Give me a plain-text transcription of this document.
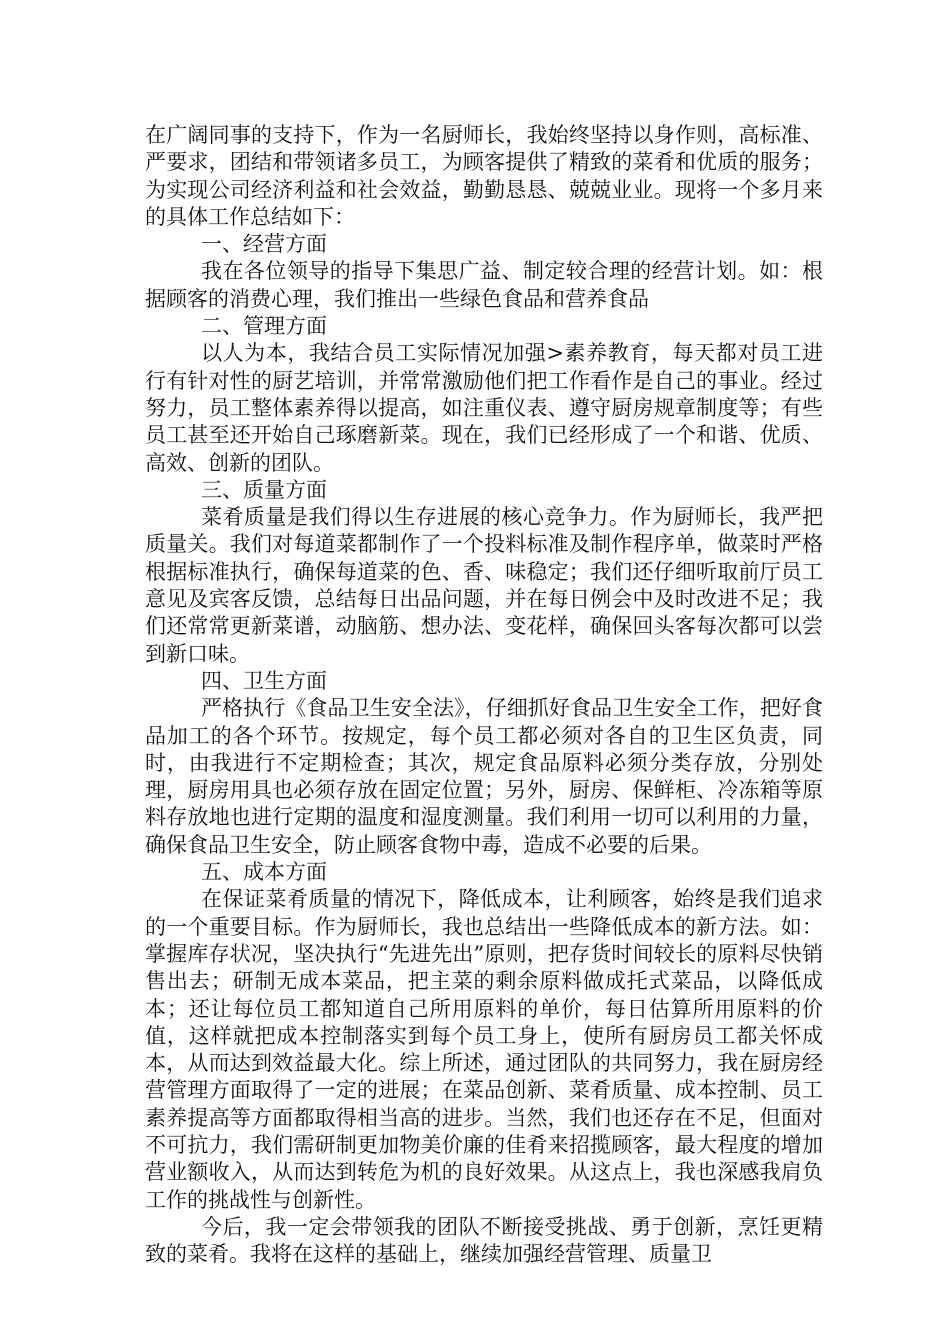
在广阔同事的支持下，作为一名厨师长，我始终坚持以身作则，高标准、严要求，团结和带领诸多员工，为顾客提供了精致的菜肴和优质的服务；为实现公司经济利益和社会效益，勤勤恳恳、兢兢业业。现将一个多月来的具体工作总结如下：

一、经营方面

我在各位领导的指导下集思广益、制定较合理的经营计划。如：根据顾客的消费心理，我们推出一些绿色食品和营养食品

二、管理方面

以人为本，我结合员工实际情况加强>素养教育，每天都对员工进行有针对性的厨艺培训，并常常激励他们把工作看作是自己的事业。经过努力，员工整体素养得以提高，如注重仪表、遵守厨房规章制度等；有些员工甚至还开始自己琢磨新菜。现在，我们已经形成了一个和谐、优质、高效、创新的团队。

三、质量方面

菜肴质量是我们得以生存进展的核心竞争力。作为厨师长，我严把质量关。我们对每道菜都制作了一个投料标准及制作程序单，做菜时严格根据标准执行，确保每道菜的色、香、味稳定；我们还仔细听取前厅员工意见及宾客反馈，总结每日出品问题，并在每日例会中及时改进不足；我们还常常更新菜谱，动脑筋、想办法、变花样，确保回头客每次都可以尝到新口味。

四、卫生方面

严格执行《食品卫生安全法》，仔细抓好食品卫生安全工作，把好食品加工的各个环节。按规定，每个员工都必须对各自的卫生区负责，同时，由我进行不定期检查；其次，规定食品原料必须分类存放，分别处理，厨房用具也必须存放在固定位置；另外，厨房、保鲜柜、冷冻箱等原料存放地也进行定期的温度和湿度测量。我们利用一切可以利用的力量，确保食品卫生安全，防止顾客食物中毒，造成不必要的后果。

五、成本方面

在保证菜肴质量的情况下，降低成本，让利顾客，始终是我们追求的一个重要目标。作为厨师长，我也总结出一些降低成本的新方法。如：掌握库存状况，坚决执行“先进先出”原则，把存货时间较长的原料尽快销售出去；研制无成本菜品，把主菜的剩余原料做成托式菜品，以降低成本；还让每位员工都知道自己所用原料的单价，每日估算所用原料的价值，这样就把成本控制落实到每个员工身上，使所有厨房员工都关怀成本，从而达到效益最大化。综上所述，通过团队的共同努力，我在厨房经营管理方面取得了一定的进展；在菜品创新、菜肴质量、成本控制、员工素养提高等方面都取得相当高的进步。当然，我们也还存在不足，但面对不可抗力，我们需研制更加物美价廉的佳肴来招揽顾客，最大程度的增加营业额收入，从而达到转危为机的良好效果。从这点上，我也深感我肩负工作的挑战性与创新性。

今后，我一定会带领我的团队不断接受挑战、勇于创新，烹饪更精致的菜肴。我将在这样的基础上，继续加强经营管理、质量卫
